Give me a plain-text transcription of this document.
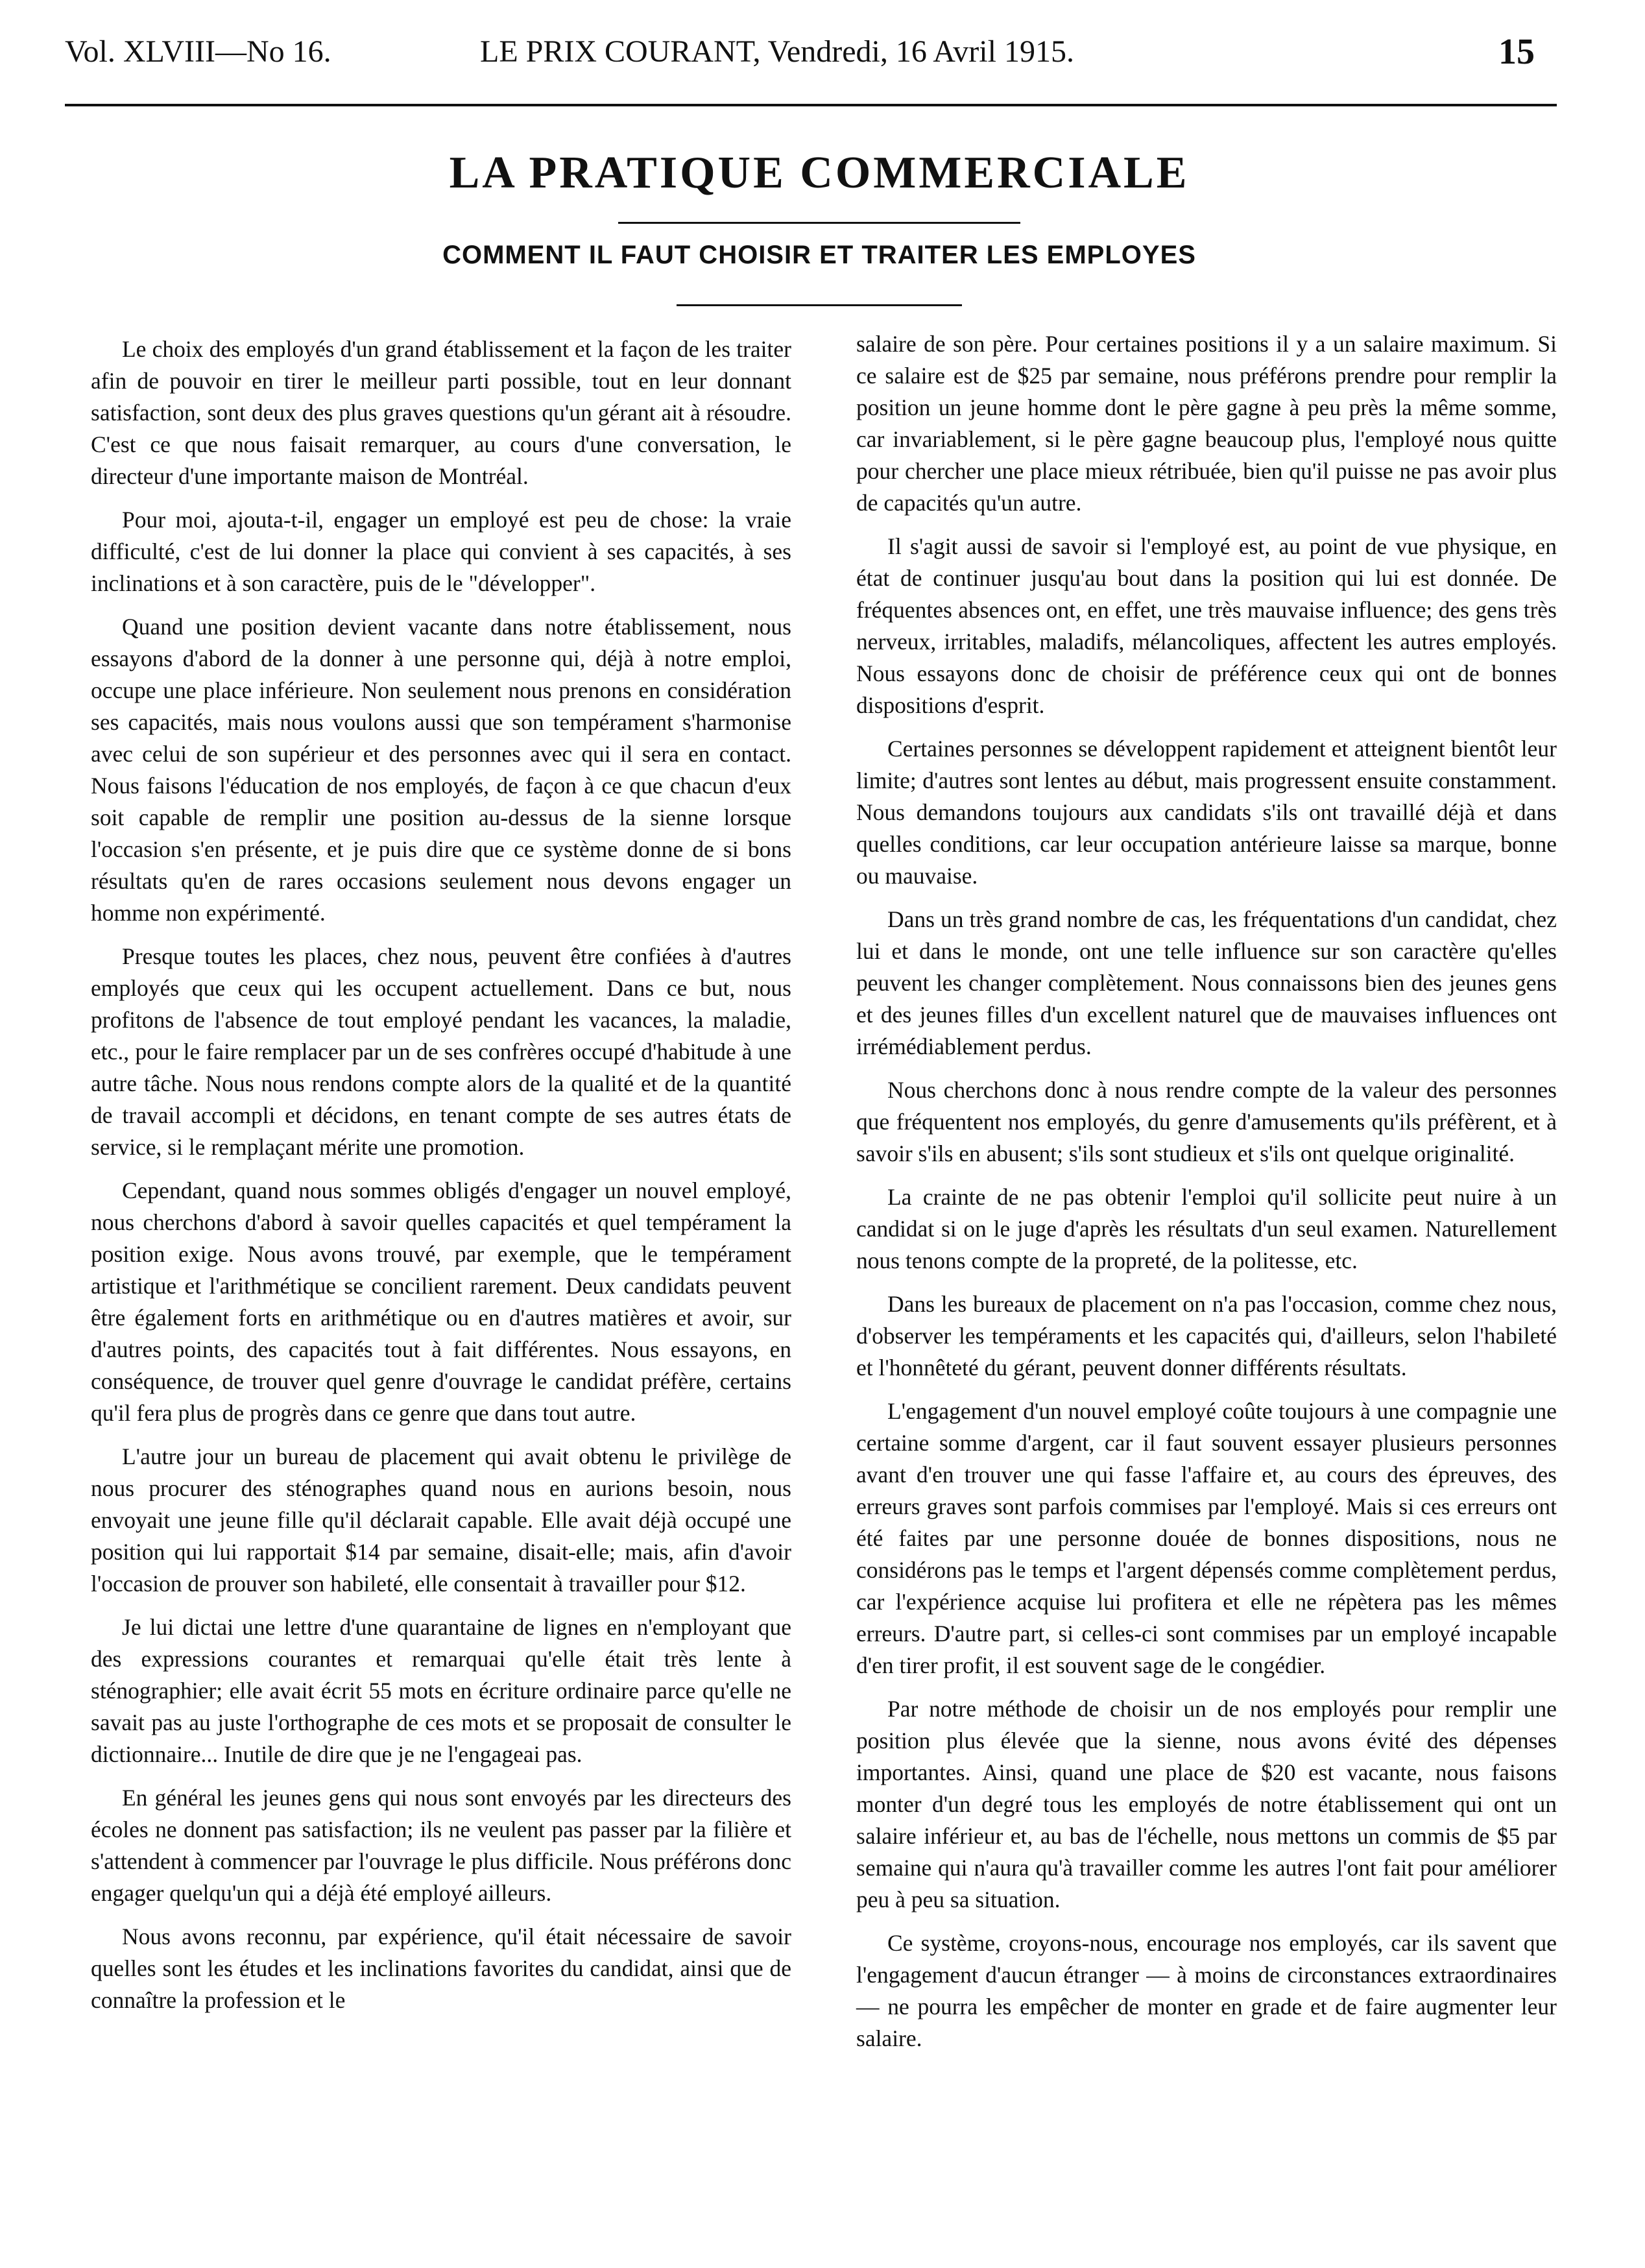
Vol. XLVIII—No 16.	LE PRIX COURANT, Vendredi, 16 Avril 1915.	15
LA PRATIQUE COMMERCIALE
COMMENT IL FAUT CHOISIR ET TRAITER LES EMPLOYES

Le choix des employés d'un grand établissement et la façon de les traiter afin de pouvoir en tirer le meilleur parti possible, tout en leur donnant satisfaction, sont deux des plus graves questions qu'un gérant ait à résoudre. C'est ce que nous faisait remarquer, au cours d'une conversation, le directeur d'une importante maison de Montréal.

Pour moi, ajouta-t-il, engager un employé est peu de chose: la vraie difficulté, c'est de lui donner la place qui convient à ses capacités, à ses inclinations et à son caractère, puis de le "développer".

Quand une position devient vacante dans notre établissement, nous essayons d'abord de la donner à une personne qui, déjà à notre emploi, occupe une place inférieure. Non seulement nous prenons en considération ses capacités, mais nous voulons aussi que son tempérament s'harmonise avec celui de son supérieur et des personnes avec qui il sera en contact. Nous faisons l'éducation de nos employés, de façon à ce que chacun d'eux soit capable de remplir une position au-dessus de la sienne lorsque l'occasion s'en présente, et je puis dire que ce système donne de si bons résultats qu'en de rares occasions seulement nous devons engager un homme non expérimenté.

Presque toutes les places, chez nous, peuvent être confiées à d'autres employés que ceux qui les occupent actuellement. Dans ce but, nous profitons de l'absence de tout employé pendant les vacances, la maladie, etc., pour le faire remplacer par un de ses confrères occupé d'habitude à une autre tâche. Nous nous rendons compte alors de la qualité et de la quantité de travail accompli et décidons, en tenant compte de ses autres états de service, si le remplaçant mérite une promotion.

Cependant, quand nous sommes obligés d'engager un nouvel employé, nous cherchons d'abord à savoir quelles capacités et quel tempérament la position exige. Nous avons trouvé, par exemple, que le tempérament artistique et l'arithmétique se concilient rarement. Deux candidats peuvent être également forts en arithmétique ou en d'autres matières et avoir, sur d'autres points, des capacités tout à fait différentes. Nous essayons, en conséquence, de trouver quel genre d'ouvrage le candidat préfère, certains qu'il fera plus de progrès dans ce genre que dans tout autre.

L'autre jour un bureau de placement qui avait obtenu le privilège de nous procurer des sténographes quand nous en aurions besoin, nous envoyait une jeune fille qu'il déclarait capable. Elle avait déjà occupé une position qui lui rapportait $14 par semaine, disait-elle; mais, afin d'avoir l'occasion de prouver son habileté, elle consentait à travailler pour $12.

Je lui dictai une lettre d'une quarantaine de lignes en n'employant que des expressions courantes et remarquai qu'elle était très lente à sténographier; elle avait écrit 55 mots en écriture ordinaire parce qu'elle ne savait pas au juste l'orthographe de ces mots et se proposait de consulter le dictionnaire... Inutile de dire que je ne l'engageai pas.

En général les jeunes gens qui nous sont envoyés par les directeurs des écoles ne donnent pas satisfaction; ils ne veulent pas passer par la filière et s'attendent à commencer par l'ouvrage le plus difficile. Nous préférons donc engager quelqu'un qui a déjà été employé ailleurs.

Nous avons reconnu, par expérience, qu'il était nécessaire de savoir quelles sont les études et les inclinations favorites du candidat, ainsi que de connaître la profession et le

salaire de son père. Pour certaines positions il y a un salaire maximum. Si ce salaire est de $25 par semaine, nous préférons prendre pour remplir la position un jeune homme dont le père gagne à peu près la même somme, car invariablement, si le père gagne beaucoup plus, l'employé nous quitte pour chercher une place mieux rétribuée, bien qu'il puisse ne pas avoir plus de capacités qu'un autre.

Il s'agit aussi de savoir si l'employé est, au point de vue physique, en état de continuer jusqu'au bout dans la position qui lui est donnée. De fréquentes absences ont, en effet, une très mauvaise influence; des gens très nerveux, irritables, maladifs, mélancoliques, affectent les autres employés. Nous essayons donc de choisir de préférence ceux qui ont de bonnes dispositions d'esprit.

Certaines personnes se développent rapidement et atteignent bientôt leur limite; d'autres sont lentes au début, mais progressent ensuite constamment. Nous demandons toujours aux candidats s'ils ont travaillé déjà et dans quelles conditions, car leur occupation antérieure laisse sa marque, bonne ou mauvaise.

Dans un très grand nombre de cas, les fréquentations d'un candidat, chez lui et dans le monde, ont une telle influence sur son caractère qu'elles peuvent les changer complètement. Nous connaissons bien des jeunes gens et des jeunes filles d'un excellent naturel que de mauvaises influences ont irrémédiablement perdus.

Nous cherchons donc à nous rendre compte de la valeur des personnes que fréquentent nos employés, du genre d'amusements qu'ils préfèrent, et à savoir s'ils en abusent; s'ils sont studieux et s'ils ont quelque originalité.

La crainte de ne pas obtenir l'emploi qu'il sollicite peut nuire à un candidat si on le juge d'après les résultats d'un seul examen. Naturellement nous tenons compte de la propreté, de la politesse, etc.

Dans les bureaux de placement on n'a pas l'occasion, comme chez nous, d'observer les tempéraments et les capacités qui, d'ailleurs, selon l'habileté et l'honnêteté du gérant, peuvent donner différents résultats.

L'engagement d'un nouvel employé coûte toujours à une compagnie une certaine somme d'argent, car il faut souvent essayer plusieurs personnes avant d'en trouver une qui fasse l'affaire et, au cours des épreuves, des erreurs graves sont parfois commises par l'employé. Mais si ces erreurs ont été faites par une personne douée de bonnes dispositions, nous ne considérons pas le temps et l'argent dépensés comme complètement perdus, car l'expérience acquise lui profitera et elle ne répètera pas les mêmes erreurs. D'autre part, si celles-ci sont commises par un employé incapable d'en tirer profit, il est souvent sage de le congédier.

Par notre méthode de choisir un de nos employés pour remplir une position plus élevée que la sienne, nous avons évité des dépenses importantes. Ainsi, quand une place de $20 est vacante, nous faisons monter d'un degré tous les employés de notre établissement qui ont un salaire inférieur et, au bas de l'échelle, nous mettons un commis de $5 par semaine qui n'aura qu'à travailler comme les autres l'ont fait pour améliorer peu à peu sa situation.

Ce système, croyons-nous, encourage nos employés, car ils savent que l'engagement d'aucun étranger — à moins de circonstances extraordinaires — ne pourra les empêcher de monter en grade et de faire augmenter leur salaire.
